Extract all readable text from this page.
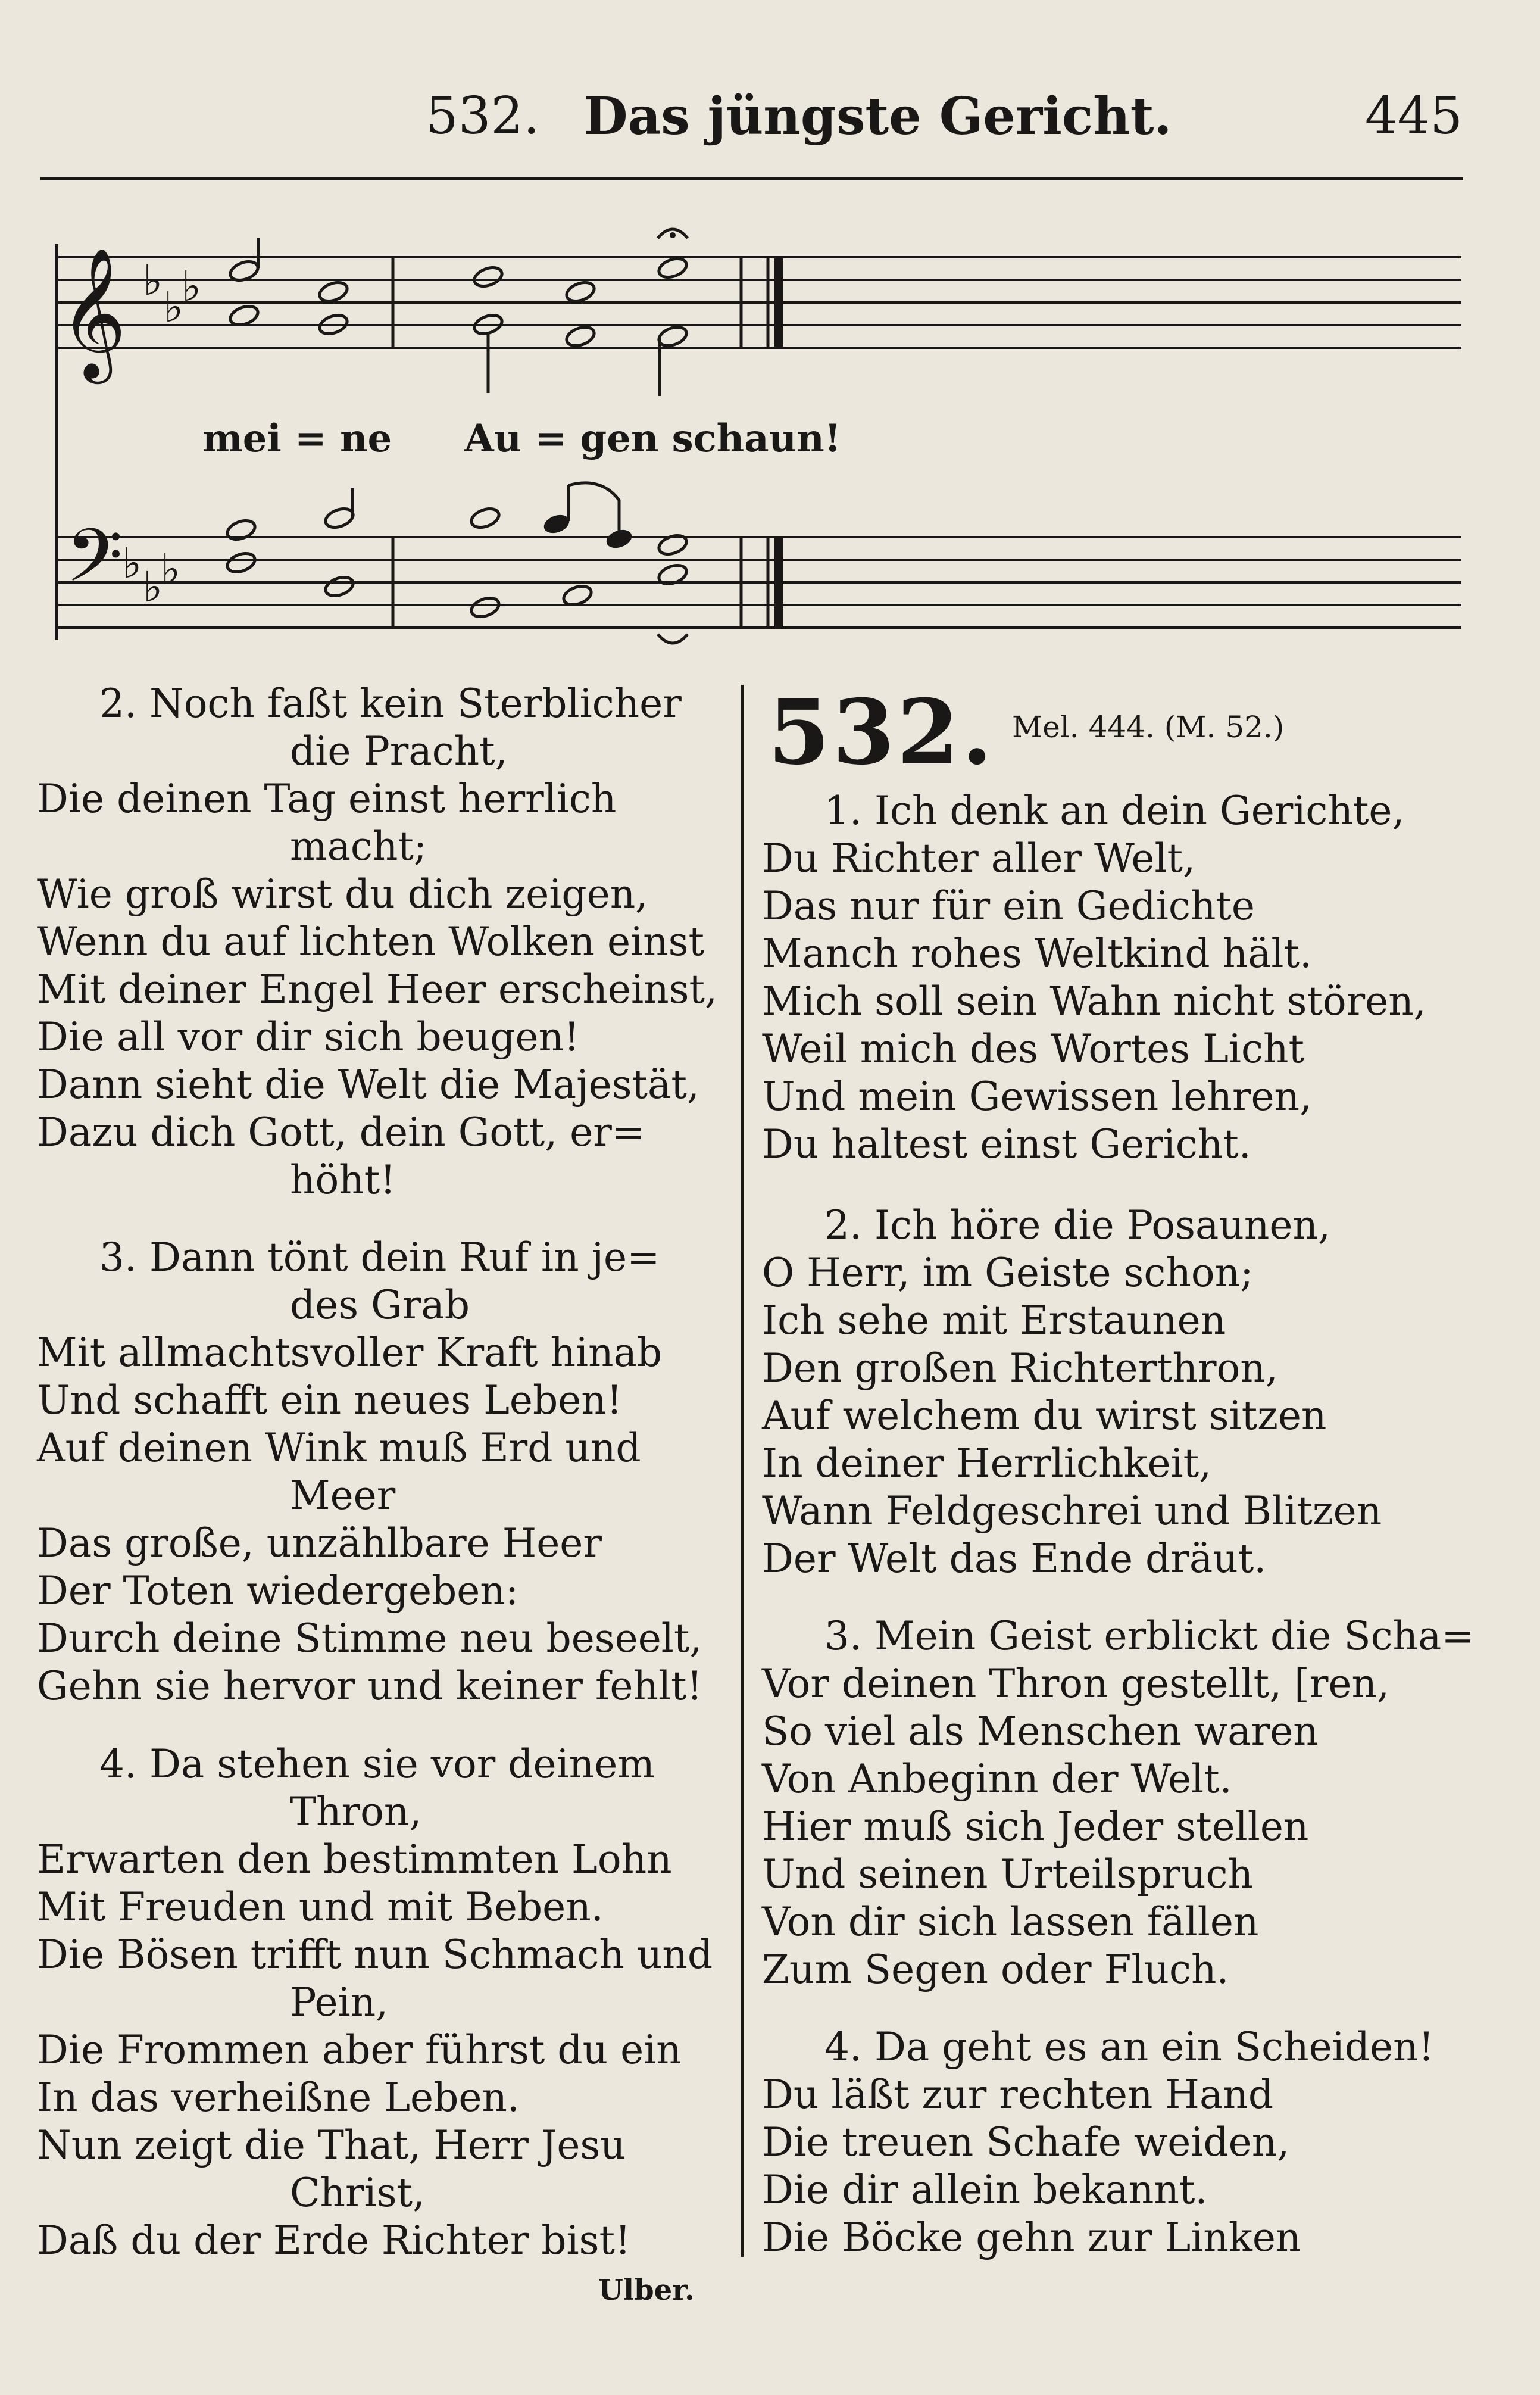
532. Das jüngste Gericht.	445
𝄞
𝄢
♭
♭
♭
♭ ♭
♭
mei = ne Au = gen schaun!
2. Noch faßt kein Sterblicher
die Pracht,
Die deinen Tag einst herrlich
macht;
Wie groß wirst du dich zeigen,
Wenn du auf lichten Wolken einst
Mit deiner Engel Heer erscheinst,
Die all vor dir sich beugen!
Dann sieht die Welt die Majestät,
Dazu dich Gott, dein Gott, er=
höht!
3. Dann tönt dein Ruf in je=
des Grab
Mit allmachtsvoller Kraft hinab
Und schafft ein neues Leben!
Auf deinen Wink muß Erd und
Meer
Das große, unzählbare Heer
Der Toten wiedergeben:
Durch deine Stimme neu beseelt,
Gehn sie hervor und keiner fehlt!
4. Da stehen sie vor deinem
Thron,
Erwarten den bestimmten Lohn
Mit Freuden und mit Beben.
Die Bösen trifft nun Schmach und
Pein,
Die Frommen aber führst du ein
In das verheißne Leben.
Nun zeigt die That, Herr Jesu
Christ,
Daß du der Erde Richter bist!
Ulber.
532. Mel. 444. (M. 52.)
1. Ich denk an dein Gerichte,
Du Richter aller Welt,
Das nur für ein Gedichte
Manch rohes Weltkind hält.
Mich soll sein Wahn nicht stören,
Weil mich des Wortes Licht
Und mein Gewissen lehren,
Du haltest einst Gericht.
2. Ich höre die Posaunen,
O Herr, im Geiste schon;
Ich sehe mit Erstaunen
Den großen Richterthron,
Auf welchem du wirst sitzen
In deiner Herrlichkeit,
Wann Feldgeschrei und Blitzen
Der Welt das Ende dräut.
3. Mein Geist erblickt die Scha=
Vor deinen Thron gestellt, [ren,
So viel als Menschen waren
Von Anbeginn der Welt.
Hier muß sich Jeder stellen
Und seinen Urteilspruch
Von dir sich lassen fällen
Zum Segen oder Fluch.
4. Da geht es an ein Scheiden!
Du läßt zur rechten Hand
Die treuen Schafe weiden,
Die dir allein bekannt.
Die Böcke gehn zur Linken
